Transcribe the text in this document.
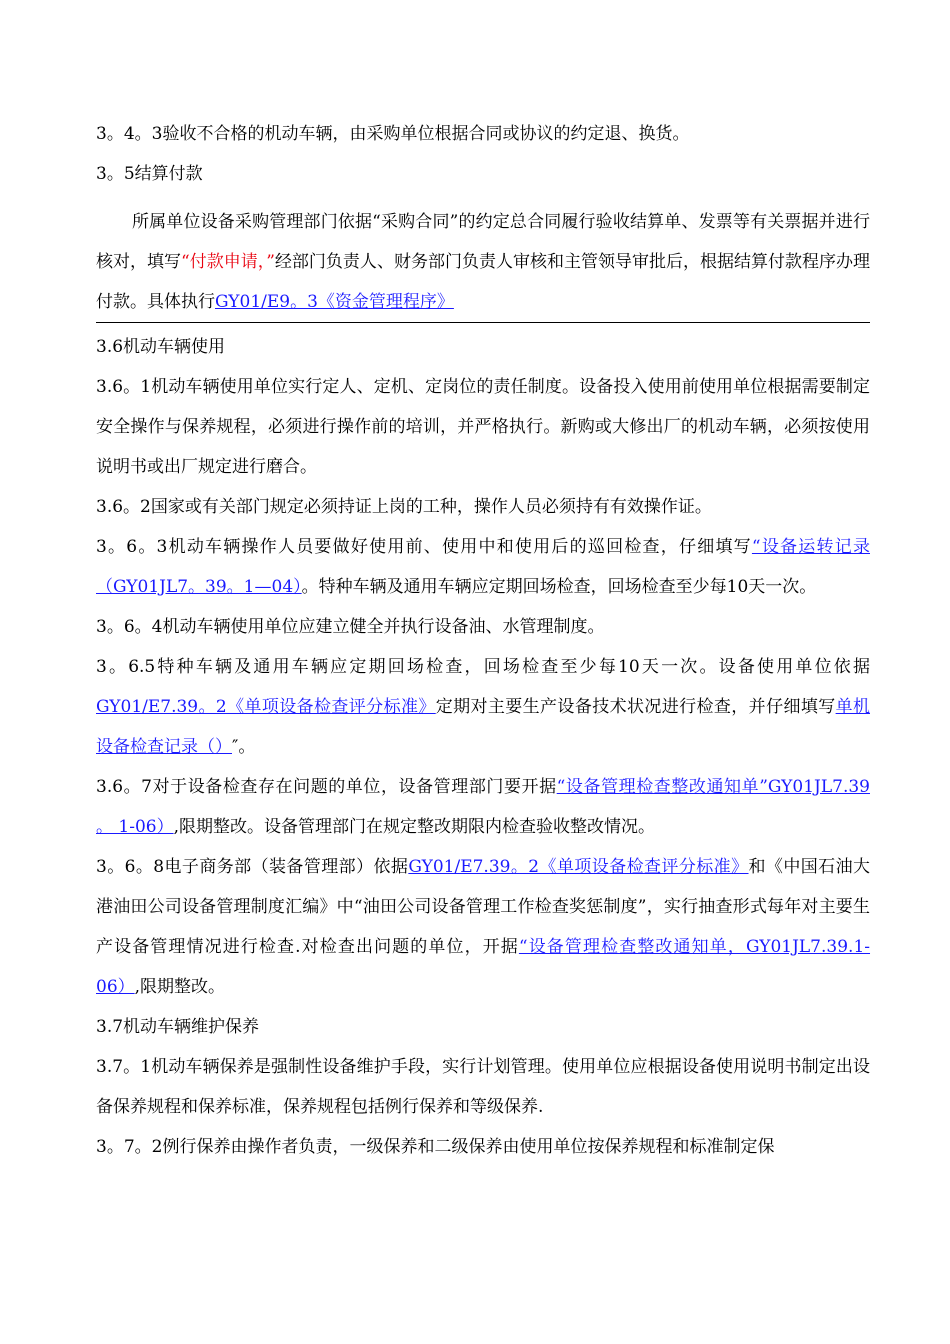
3。4。3验收不合格的机动车辆，由采购单位根据合同或协议的约定退、换货。

3。5结算付款

所属单位设备采购管理部门依据“采购合同”的约定总合同履行验收结算单、发票等有关票据并进行核对，填写“付款申请，”经部门负责人、财务部门负责人审核和主管领导审批后，根据结算付款程序办理付款。具体执行GY01/E9。3《资金管理程序》

3.6机动车辆使用

3.6。1机动车辆使用单位实行定人、定机、定岗位的责任制度。设备投入使用前使用单位根据需要制定安全操作与保养规程，必须进行操作前的培训，并严格执行。新购或大修出厂的机动车辆，必须按使用说明书或出厂规定进行磨合。

3.6。2国家或有关部门规定必须持证上岗的工种，操作人员必须持有有效操作证。

3。6。3机动车辆操作人员要做好使用前、使用中和使用后的巡回检查，仔细填写“设备运转记录（GY01JL7。39。1—04）。特种车辆及通用车辆应定期回场检查，回场检查至少每10天一次。

3。6。4机动车辆使用单位应建立健全并执行设备油、水管理制度。

3。6.5特种车辆及通用车辆应定期回场检查，回场检查至少每10天一次。设备使用单位依据GY01/E7.39。2《单项设备检查评分标准》定期对主要生产设备技术状况进行检查，并仔细填写单机设备检查记录（）″。

3.6。7对于设备检查存在问题的单位，设备管理部门要开据“设备管理检查整改通知单”GY01JL7.39 。 1-06）,限期整改。设备管理部门在规定整改期限内检查验收整改情况。

3。6。8电子商务部（装备管理部）依据GY01/E7.39。2《单项设备检查评分标准》和《中国石油大港油田公司设备管理制度汇编》中“油田公司设备管理工作检查奖惩制度”，实行抽查形式每年对主要生产设备管理情况进行检查.对检查出问题的单位，开据“设备管理检查整改通知单，GY01JL7.39.1-06）,限期整改。

3.7机动车辆维护保养

3.7。1机动车辆保养是强制性设备维护手段，实行计划管理。使用单位应根据设备使用说明书制定出设备保养规程和保养标准，保养规程包括例行保养和等级保养.

3。7。2例行保养由操作者负责，一级保养和二级保养由使用单位按保养规程和标准制定保
